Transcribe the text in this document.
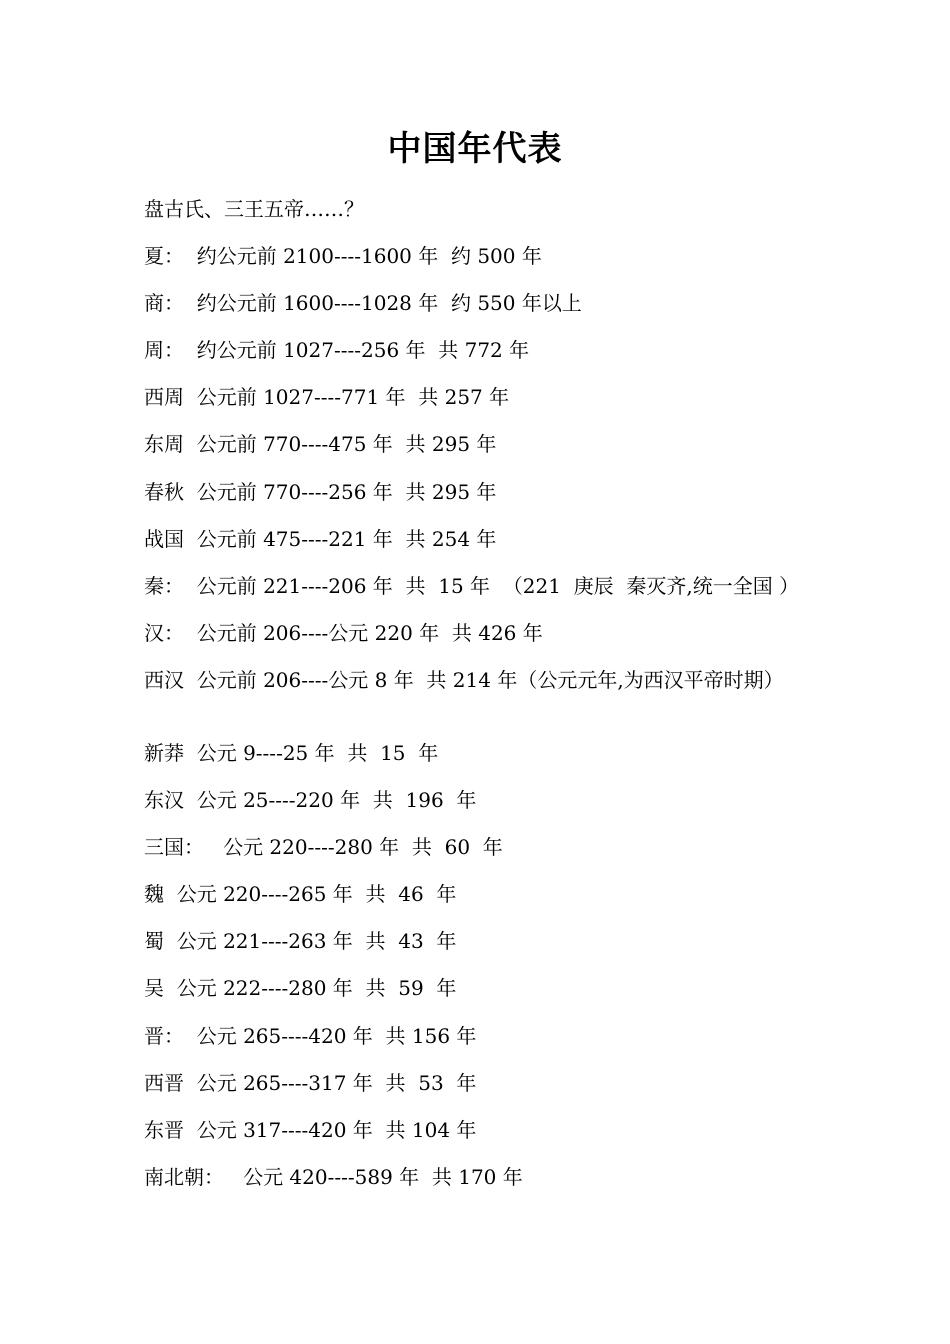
中国年代表
盘古氏、三王五帝……？
夏：  约公元前 2100----1600 年  约 500 年
商：  约公元前 1600----1028 年  约 550 年以上
周：  约公元前 1027----256 年  共 772 年
西周  公元前 1027----771 年  共 257 年
东周  公元前 770----475 年  共 295 年
春秋  公元前 770----256 年  共 295 年
战国  公元前 475----221 年  共 254 年
秦：  公元前 221----206 年  共  15 年  （221  庚辰  秦灭齐,统一全国 ）
汉：  公元前 206----公元 220 年  共 426 年
西汉  公元前 206----公元 8 年  共 214 年（公元元年,为西汉平帝时期）
新莽  公元 9----25 年  共  15  年
东汉  公元 25----220 年  共  196  年
三国：   公元 220----280 年  共  60  年
魏  公元 220----265 年  共  46  年
蜀  公元 221----263 年  共  43  年
吴  公元 222----280 年  共  59  年
晋：  公元 265----420 年  共 156 年
西晋  公元 265----317 年  共  53  年
东晋  公元 317----420 年  共 104 年
南北朝：   公元 420----589 年  共 170 年
